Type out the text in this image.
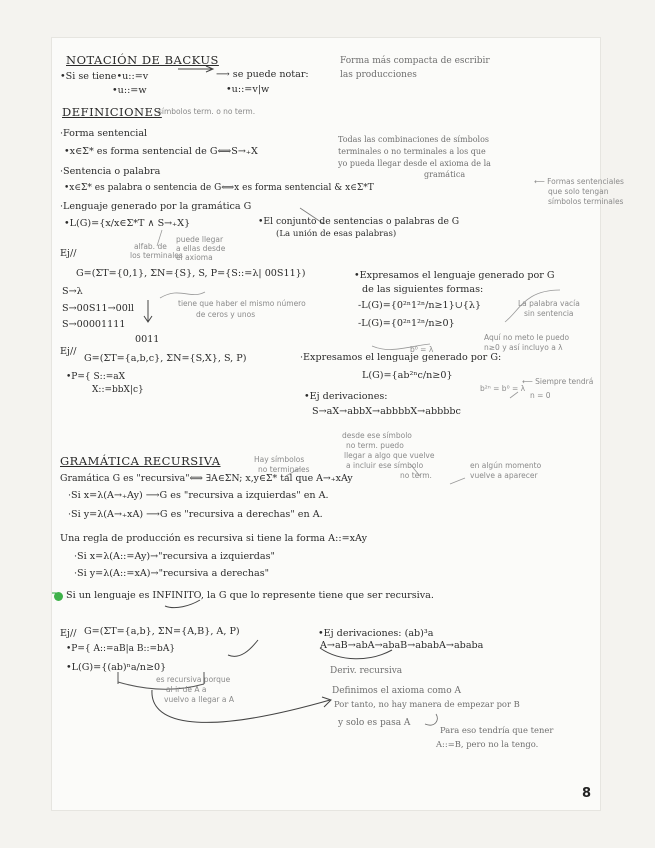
NOTACIÓN DE BACKUS
•Si se tiene•u::=v
•u::=w
⟶ se puede notar:
•u::=v|w
Forma más compacta de escribir
las producciones
DEFINICIONES
símbolos term. o no term.
·Forma sentencial
•x∈Σ* es forma sentencial de G⟺S→₊X
Todas las combinaciones de símbolos
terminales o no terminales a los que
yo pueda llegar desde el axioma de la
gramática
·Sentencia o palabra
•x∈Σ* es palabra o sentencia de G⟺x es forma sentencial & x∈Σ*T
⟵ Formas sentenciales
que solo tengan
símbolos terminales
·Lenguaje generado por la gramática G
•L(G)={x/x∈Σ*T ∧ S→₊X}	•El conjunto de sentencias o palabras de G
(La unión de esas palabras)
alfab. de
los terminales
puede llegar
a ellas desde
el axioma
Ej//
G=(ΣT={0,1}, ΣN={S}, S, P={S::=λ| 00S11})
S→λ
S→00S11→00ll
S→00001111
0011
tiene que haber el mismo número
de ceros y unos
•Expresamos el lenguaje generado por G
de las siguientes formas:
-L(G)={0²ⁿ1²ⁿ/n≥1}∪{λ}
-L(G)={0²ⁿ1²ⁿ/n≥0}
Aquí no meto le puedo
n≥0 y así incluyo a λ
La palabra vacía
sin sentencia
Ej//
G=(ΣT={a,b,c}, ΣN={S,X}, S, P)
•P={ S::=aX
X::=bbX|c}
·Expresamos el lenguaje generado por G:
L(G)={ab²ⁿc/n≥0}
•Ej derivaciones:
S→aX→abbX→abbbbX→abbbbc
b⁰ = λ
b²ⁿ = b⁰ = λ
⟵ Siempre tendrá
n = 0
GRAMÁTICA RECURSIVA
Gramática G es "recursiva"⟺ ∃A∈ΣN; x,y∈Σ* tal que A→₊xAy
·Si x=λ(A→₊Ay) ⟶G es "recursiva a izquierdas" en A.
·Si y=λ(A→₊xA) ⟶G es "recursiva a derechas" en A.
Una regla de producción es recursiva si tiene la forma A::=xAy
·Si x=λ(A::=Ay)→"recursiva a izquierdas"
·Si y=λ(A::=xA)→"recursiva a derechas"
Si un lenguaje es INFINITO, la G que lo represente tiene que ser recursiva.
Hay símbolos
no terminales
desde ese símbolo
no term. puedo
llegar a algo que vuelve
a incluir ese símbolo
no term.
en algún momento
vuelve a aparecer
Ej// G=(ΣT={a,b}, ΣN={A,B}, A, P)
•P={ A::=aB|a B::=bA}
•L(G)={(ab)ⁿa/n≥0}
•Ej derivaciones: (ab)³a
A→aB→abA→abaB→ababA→ababa
Deriv. recursiva
es recursiva porque
al ir de A a
vuelvo a llegar a A
Definimos el axioma como A
Por tanto, no hay manera de empezar por B
y solo es pasa A
Para eso tendría que tener
A::=B, pero no la tengo.
8
